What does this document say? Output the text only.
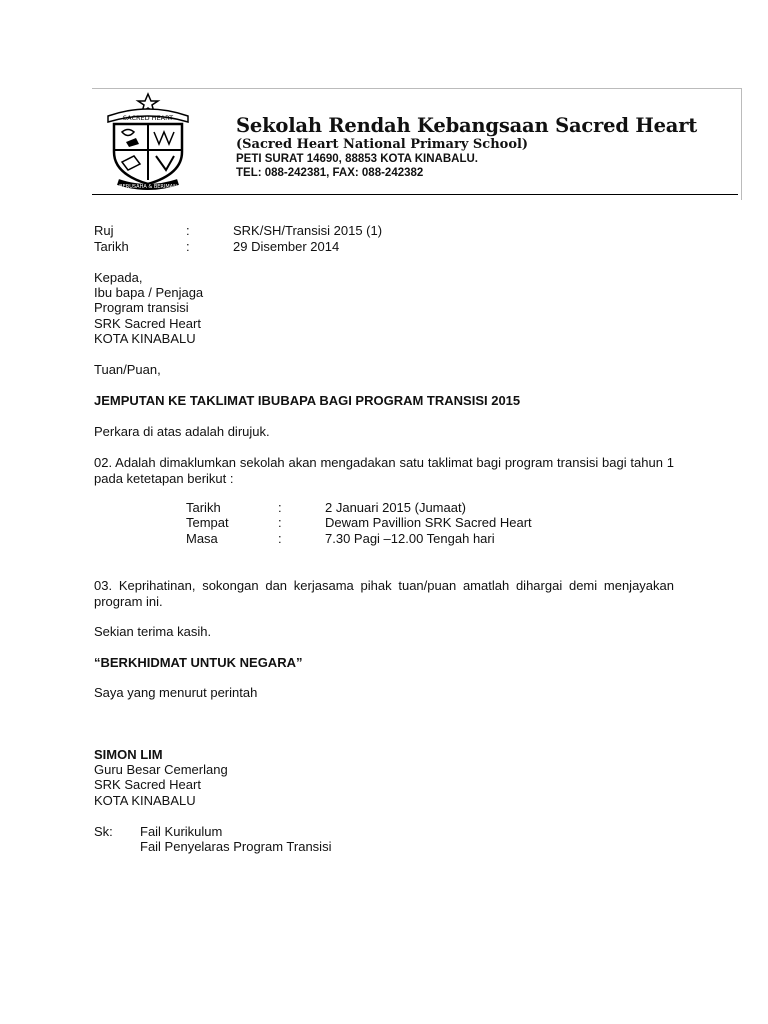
SACRED HEART
BERUSAHA & BERIMAN
Sekolah Rendah Kebangsaan Sacred Heart
(Sacred Heart National Primary School)
PETI SURAT 14690, 88853 KOTA KINABALU.
TEL: 088-242381, FAX: 088-242382
Ruj	:	SRK/SH/Transisi 2015 (1)
Tarikh	:	29 Disember 2014
Kepada,
Ibu bapa / Penjaga
Program transisi
SRK Sacred Heart
KOTA KINABALU
Tuan/Puan,
JEMPUTAN KE TAKLIMAT IBUBAPA BAGI PROGRAM TRANSISI 2015
Perkara di atas adalah dirujuk.
02. Adalah dimaklumkan sekolah akan mengadakan satu taklimat bagi program transisi bagi tahun 1 pada ketetapan berikut :
Tarikh	:	2 Januari 2015 (Jumaat)
Tempat	:	Dewam Pavillion SRK Sacred Heart
Masa	:	7.30 Pagi –12.00 Tengah hari
03. Keprihatinan, sokongan dan kerjasama pihak tuan/puan amatlah dihargai demi menjayakan program ini.
Sekian terima kasih.
“BERKHIDMAT UNTUK NEGARA”
Saya yang menurut perintah
SIMON LIM
Guru Besar Cemerlang
SRK Sacred Heart
KOTA KINABALU
Sk: Fail Kurikulum
Fail Penyelaras Program Transisi
